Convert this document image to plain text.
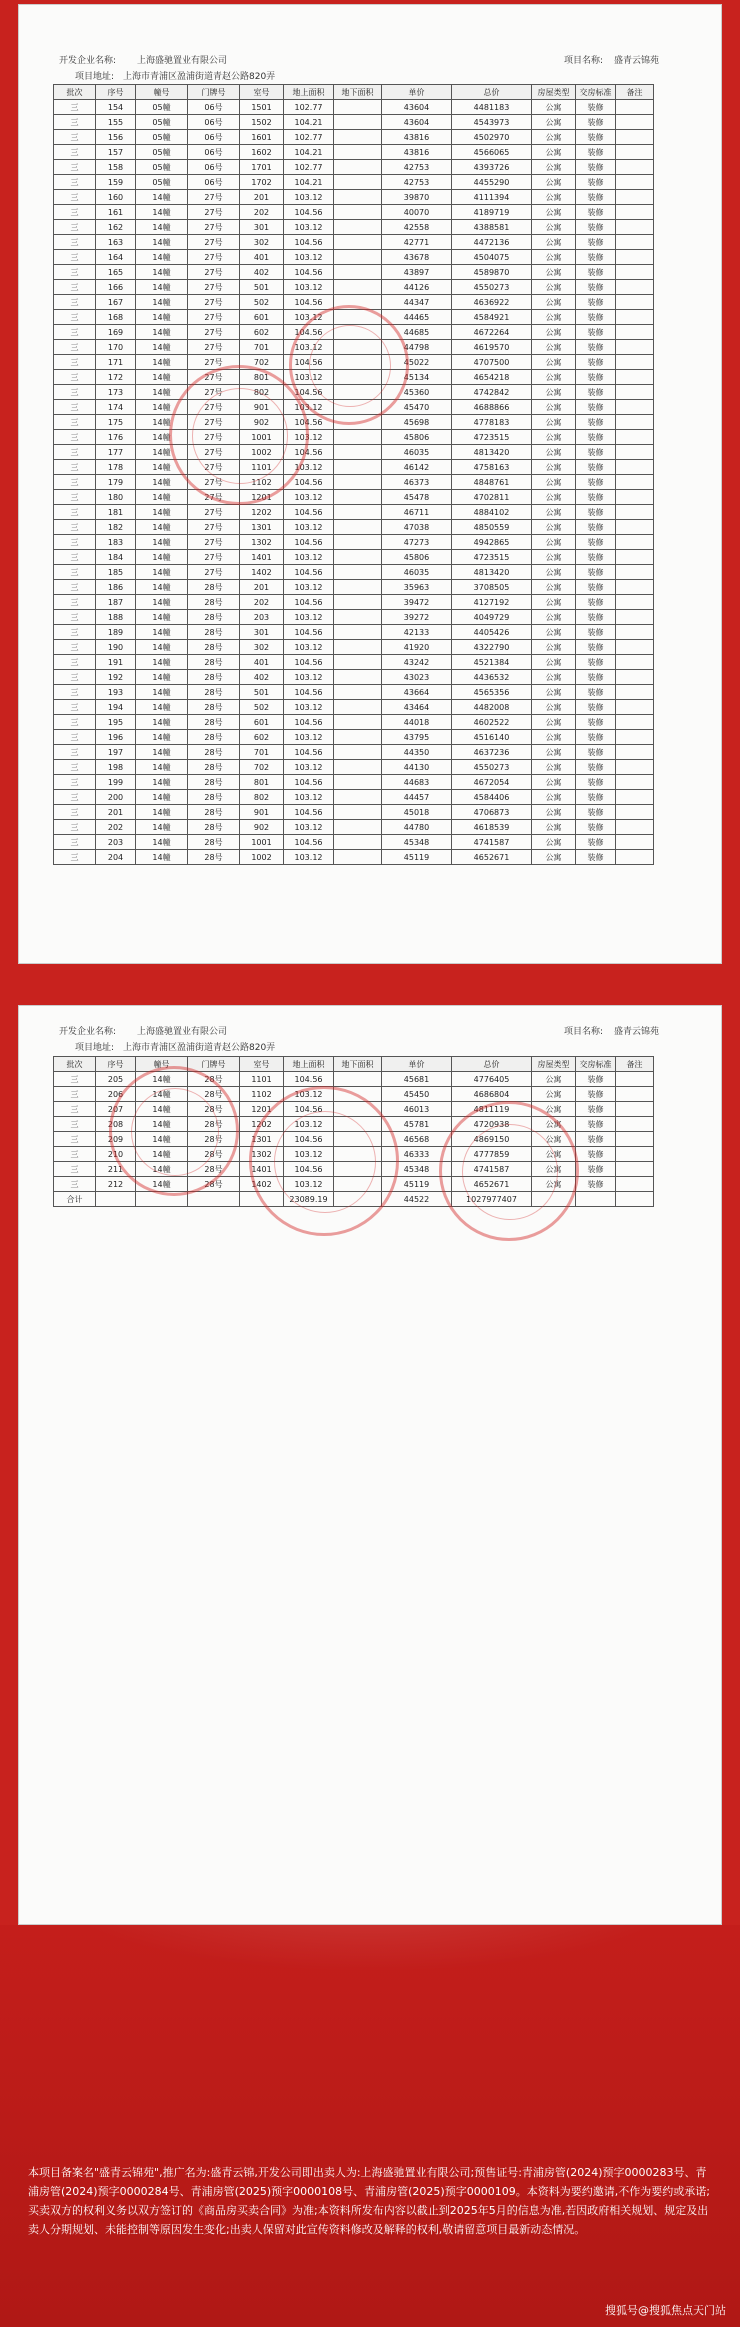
开发企业名称: 上海盛驰置业有限公司	项目名称: 盛青云锦苑
项目地址: 上海市青浦区盈浦街道青赵公路820弄
批次	序号	幢号	门牌号	室号	地上面积	地下面积	单价	总价	房屋类型	交房标准	备注
三	154	05幢	06号	1501	102.77		43604	4481183	公寓	装修	
三	155	05幢	06号	1502	104.21		43604	4543973	公寓	装修	
三	156	05幢	06号	1601	102.77		43816	4502970	公寓	装修	
三	157	05幢	06号	1602	104.21		43816	4566065	公寓	装修	
三	158	05幢	06号	1701	102.77		42753	4393726	公寓	装修	
三	159	05幢	06号	1702	104.21		42753	4455290	公寓	装修	
三	160	14幢	27号	201	103.12		39870	4111394	公寓	装修	
三	161	14幢	27号	202	104.56		40070	4189719	公寓	装修	
三	162	14幢	27号	301	103.12		42558	4388581	公寓	装修	
三	163	14幢	27号	302	104.56		42771	4472136	公寓	装修	
三	164	14幢	27号	401	103.12		43678	4504075	公寓	装修	
三	165	14幢	27号	402	104.56		43897	4589870	公寓	装修	
三	166	14幢	27号	501	103.12		44126	4550273	公寓	装修	
三	167	14幢	27号	502	104.56		44347	4636922	公寓	装修	
三	168	14幢	27号	601	103.12		44465	4584921	公寓	装修	
三	169	14幢	27号	602	104.56		44685	4672264	公寓	装修	
三	170	14幢	27号	701	103.12		44798	4619570	公寓	装修	
三	171	14幢	27号	702	104.56		45022	4707500	公寓	装修	
三	172	14幢	27号	801	103.12		45134	4654218	公寓	装修	
三	173	14幢	27号	802	104.56		45360	4742842	公寓	装修	
三	174	14幢	27号	901	103.12		45470	4688866	公寓	装修	
三	175	14幢	27号	902	104.56		45698	4778183	公寓	装修	
三	176	14幢	27号	1001	103.12		45806	4723515	公寓	装修	
三	177	14幢	27号	1002	104.56		46035	4813420	公寓	装修	
三	178	14幢	27号	1101	103.12		46142	4758163	公寓	装修	
三	179	14幢	27号	1102	104.56		46373	4848761	公寓	装修	
三	180	14幢	27号	1201	103.12		45478	4702811	公寓	装修	
三	181	14幢	27号	1202	104.56		46711	4884102	公寓	装修	
三	182	14幢	27号	1301	103.12		47038	4850559	公寓	装修	
三	183	14幢	27号	1302	104.56		47273	4942865	公寓	装修	
三	184	14幢	27号	1401	103.12		45806	4723515	公寓	装修	
三	185	14幢	27号	1402	104.56		46035	4813420	公寓	装修	
三	186	14幢	28号	201	103.12		35963	3708505	公寓	装修	
三	187	14幢	28号	202	104.56		39472	4127192	公寓	装修	
三	188	14幢	28号	203	103.12		39272	4049729	公寓	装修	
三	189	14幢	28号	301	104.56		42133	4405426	公寓	装修	
三	190	14幢	28号	302	103.12		41920	4322790	公寓	装修	
三	191	14幢	28号	401	104.56		43242	4521384	公寓	装修	
三	192	14幢	28号	402	103.12		43023	4436532	公寓	装修	
三	193	14幢	28号	501	104.56		43664	4565356	公寓	装修	
三	194	14幢	28号	502	103.12		43464	4482008	公寓	装修	
三	195	14幢	28号	601	104.56		44018	4602522	公寓	装修	
三	196	14幢	28号	602	103.12		43795	4516140	公寓	装修	
三	197	14幢	28号	701	104.56		44350	4637236	公寓	装修	
三	198	14幢	28号	702	103.12		44130	4550273	公寓	装修	
三	199	14幢	28号	801	104.56		44683	4672054	公寓	装修	
三	200	14幢	28号	802	103.12		44457	4584406	公寓	装修	
三	201	14幢	28号	901	104.56		45018	4706873	公寓	装修	
三	202	14幢	28号	902	103.12		44780	4618539	公寓	装修	
三	203	14幢	28号	1001	104.56		45348	4741587	公寓	装修	
三	204	14幢	28号	1002	103.12		45119	4652671	公寓	装修	
开发企业名称: 上海盛驰置业有限公司	项目名称: 盛青云锦苑
项目地址: 上海市青浦区盈浦街道青赵公路820弄
批次	序号	幢号	门牌号	室号	地上面积	地下面积	单价	总价	房屋类型	交房标准	备注
三	205	14幢	28号	1101	104.56		45681	4776405	公寓	装修	
三	206	14幢	28号	1102	103.12		45450	4686804	公寓	装修	
三	207	14幢	28号	1201	104.56		46013	4811119	公寓	装修	
三	208	14幢	28号	1202	103.12		45781	4720938	公寓	装修	
三	209	14幢	28号	1301	104.56		46568	4869150	公寓	装修	
三	210	14幢	28号	1302	103.12		46333	4777859	公寓	装修	
三	211	14幢	28号	1401	104.56		45348	4741587	公寓	装修	
三	212	14幢	28号	1402	103.12		45119	4652671	公寓	装修	
合计					23089.19		44522	1027977407			
本项目备案名"盛青云锦苑",推广名为:盛青云锦,开发公司即出卖人为:上海盛驰置业有限公司;预售证号:青浦房管(2024)预字0000283号、青浦房管(2024)预字0000284号、青浦房管(2025)预字0000108号、青浦房管(2025)预字0000109。本资料为要约邀请,不作为要约或承诺;买卖双方的权利义务以双方签订的《商品房买卖合同》为准;本资料所发布内容以截止到2025年5月的信息为准,若因政府相关规划、规定及出卖人分期规划、未能控制等原因发生变化;出卖人保留对此宣传资料修改及解释的权利,敬请留意项目最新动态情况。
搜狐号@搜狐焦点天门站
